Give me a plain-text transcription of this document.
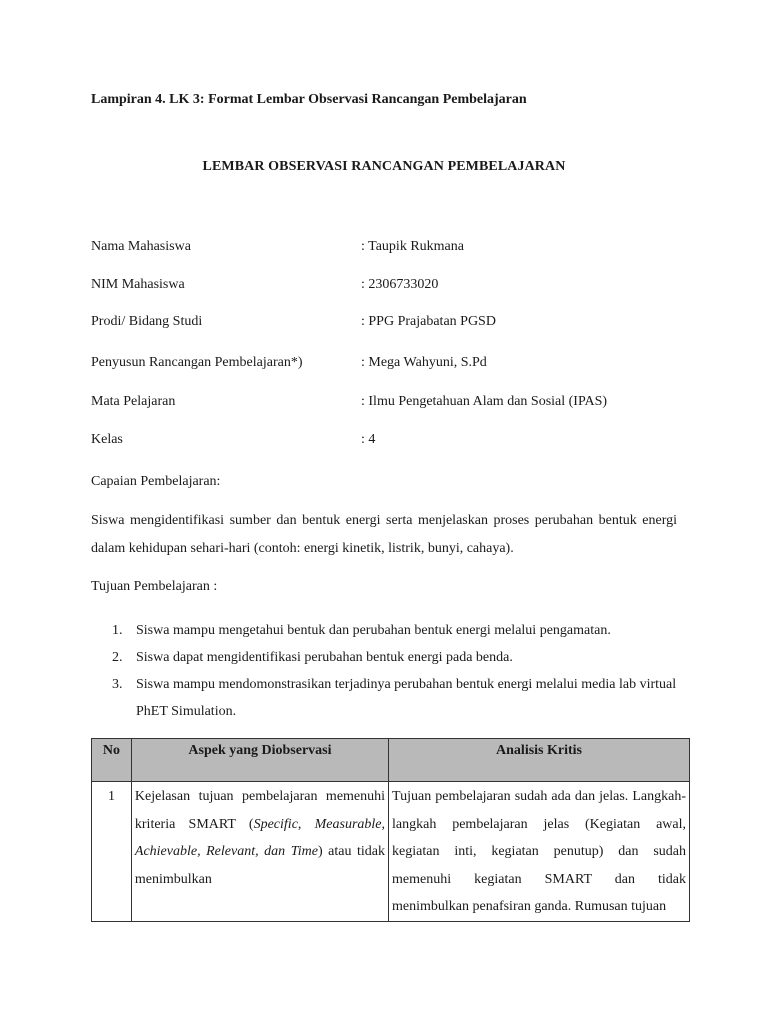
Lampiran 4. LK 3: Format Lembar Observasi Rancangan Pembelajaran
LEMBAR OBSERVASI RANCANGAN PEMBELAJARAN
Nama Mahasiswa	: Taupik Rukmana
NIM Mahasiswa	: 2306733020
Prodi/ Bidang Studi	: PPG Prajabatan PGSD
Penyusun Rancangan Pembelajaran*)	: Mega Wahyuni, S.Pd
Mata Pelajaran	: Ilmu Pengetahuan Alam dan Sosial (IPAS)
Kelas	: 4
Capaian Pembelajaran:
Siswa mengidentifikasi sumber dan bentuk energi serta menjelaskan proses perubahan bentuk energi dalam kehidupan sehari-hari (contoh: energi kinetik, listrik, bunyi, cahaya).
Tujuan Pembelajaran :
1. Siswa mampu mengetahui bentuk dan perubahan bentuk energi melalui pengamatan.
2. Siswa dapat mengidentifikasi perubahan bentuk energi pada benda.
3. Siswa mampu mendomonstrasikan terjadinya perubahan bentuk energi melalui media lab virtual PhET Simulation.
No	Aspek yang Diobservasi	Analisis Kritis
1	Kejelasan tujuan pembelajaran memenuhi kriteria SMART (Specific, Measurable, Achievable, Relevant, dan Time) atau tidak menimbulkan	Tujuan pembelajaran sudah ada dan jelas. Langkah-langkah pembelajaran jelas (Kegiatan awal, kegiatan inti, kegiatan penutup) dan sudah memenuhi kegiatan SMART dan tidak menimbulkan penafsiran ganda. Rumusan tujuan
